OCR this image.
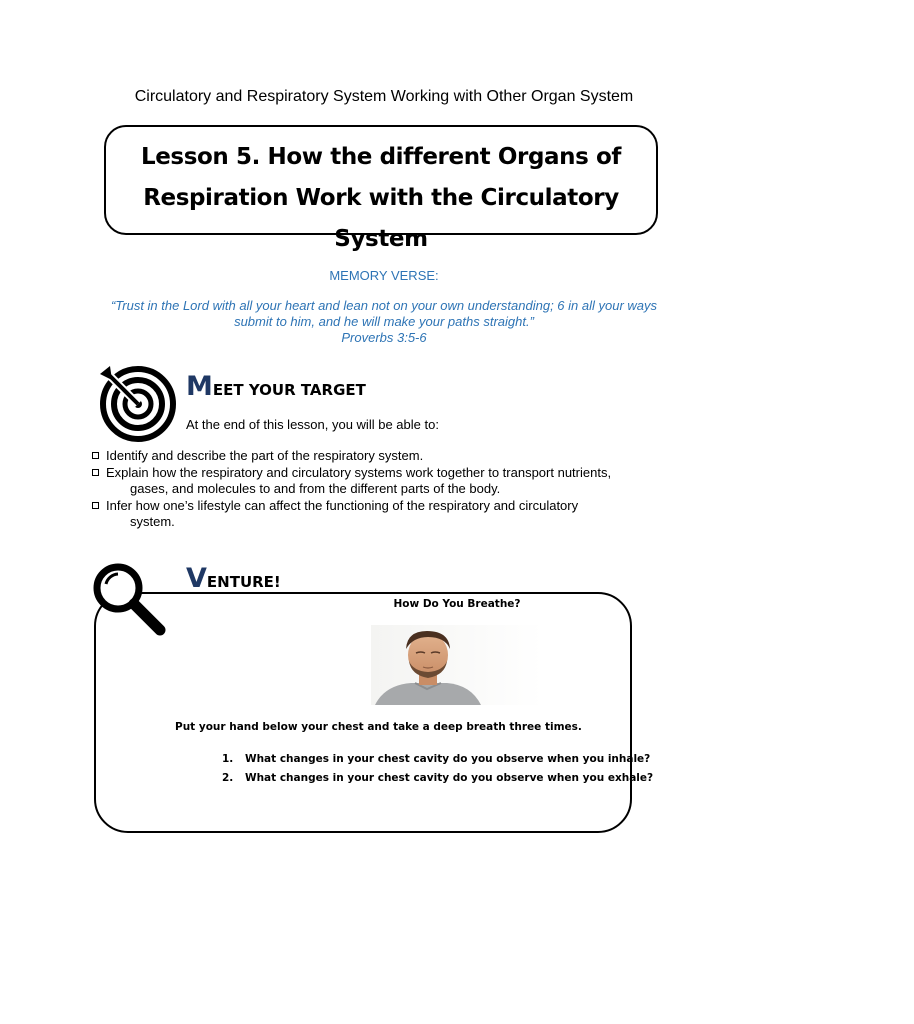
Circulatory and Respiratory System Working with Other Organ System
Lesson 5. How the different Organs of
Respiration Work with the Circulatory
System
MEMORY VERSE:
“Trust in the Lord with all your heart and lean not on your own understanding; 6 in all your ways submit to him, and he will make your paths straight.”
Proverbs 3:5-6
MEET YOUR TARGET
At the end of this lesson, you will be able to:
Identify and describe the part of the respiratory system.
Explain how the respiratory and circulatory systems work together to transport nutrients,
gases, and molecules to and from the different parts of the body.
Infer how one’s lifestyle can affect the functioning of the respiratory and circulatory
system.
VENTURE!
How Do You Breathe?
Put your hand below your chest and take a deep breath three times.
1. What changes in your chest cavity do you observe when you inhale?
2. What changes in your chest cavity do you observe when you exhale?
